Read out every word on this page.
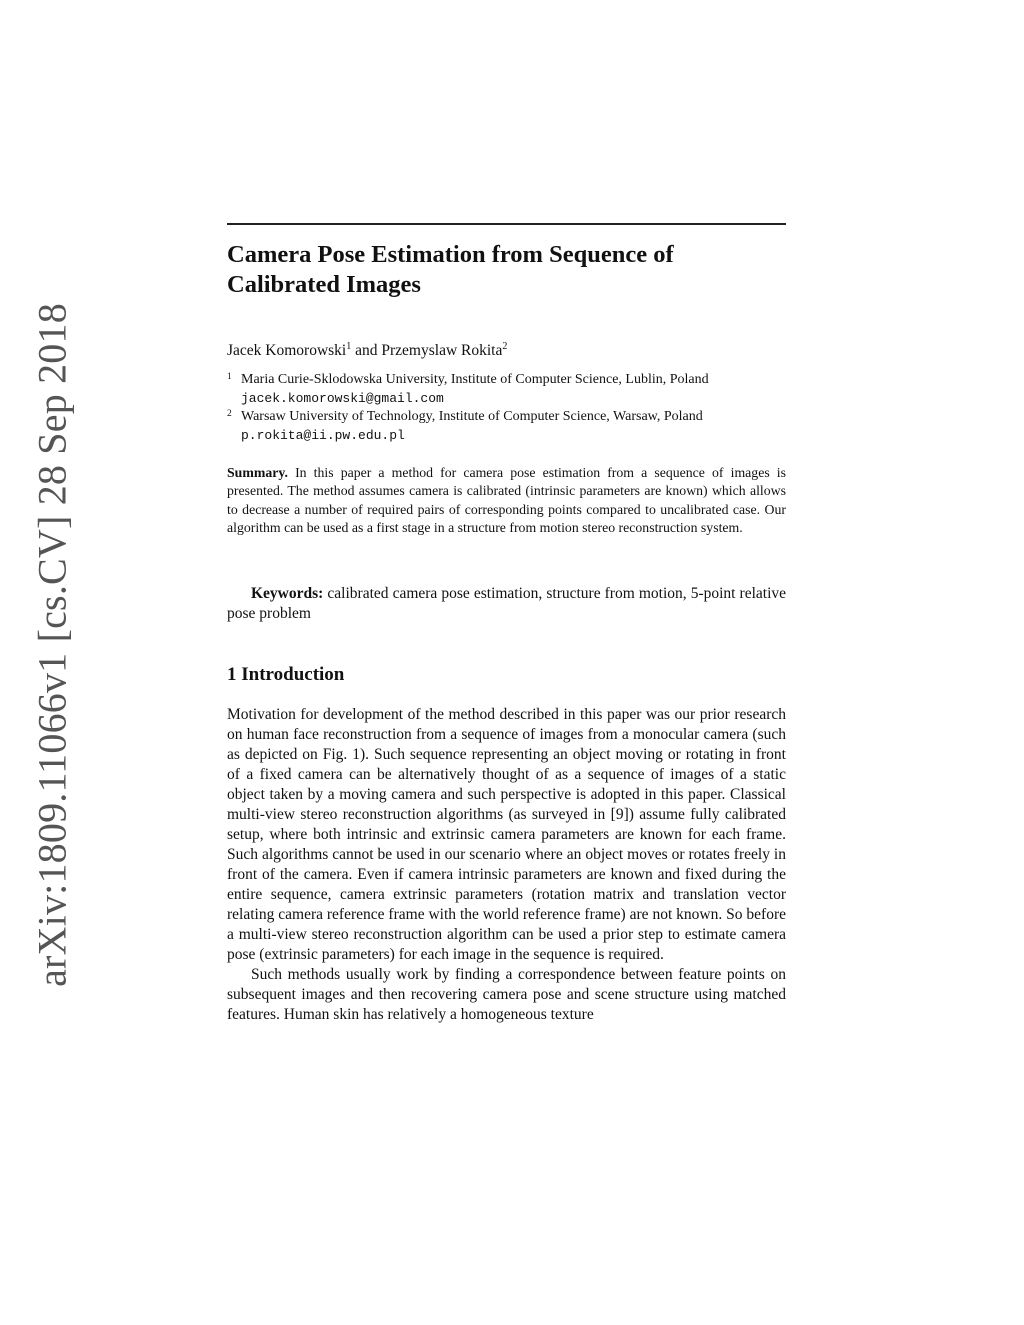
arXiv:1809.11066v1 [cs.CV] 28 Sep 2018
Camera Pose Estimation from Sequence of Calibrated Images
Jacek Komorowski$^1$ and Przemyslaw Rokita$^2$
1 Maria Curie-Sklodowska University, Institute of Computer Science, Lublin, Poland jacek.komorowski@gmail.com
2 Warsaw University of Technology, Institute of Computer Science, Warsaw, Poland p.rokita@ii.pw.edu.pl

Summary. In this paper a method for camera pose estimation from a sequence of images is presented. The method assumes camera is calibrated (intrinsic parameters are known) which allows to decrease a number of required pairs of corresponding points compared to uncalibrated case. Our algorithm can be used as a first stage in a structure from motion stereo reconstruction system.

Keywords: calibrated camera pose estimation, structure from motion, 5-point relative pose problem

1 Introduction

Motivation for development of the method described in this paper was our prior research on human face reconstruction from a sequence of images from a monocular camera (such as depicted on Fig. 1). Such sequence representing an object moving or rotating in front of a fixed camera can be alternatively thought of as a sequence of images of a static object taken by a moving camera and such perspective is adopted in this paper. Classical multi-view stereo reconstruction algorithms (as surveyed in [9]) assume fully calibrated setup, where both intrinsic and extrinsic camera parameters are known for each frame. Such algorithms cannot be used in our scenario where an object moves or rotates freely in front of the camera. Even if camera intrinsic parameters are known and fixed during the entire sequence, camera extrinsic parameters (rotation matrix and translation vector relating camera reference frame with the world reference frame) are not known. So before a multi-view stereo reconstruction algorithm can be used a prior step to estimate camera pose (extrinsic parameters) for each image in the sequence is required.

Such methods usually work by finding a correspondence between feature points on subsequent images and then recovering camera pose and scene structure using matched features. Human skin has relatively a homogeneous texture
